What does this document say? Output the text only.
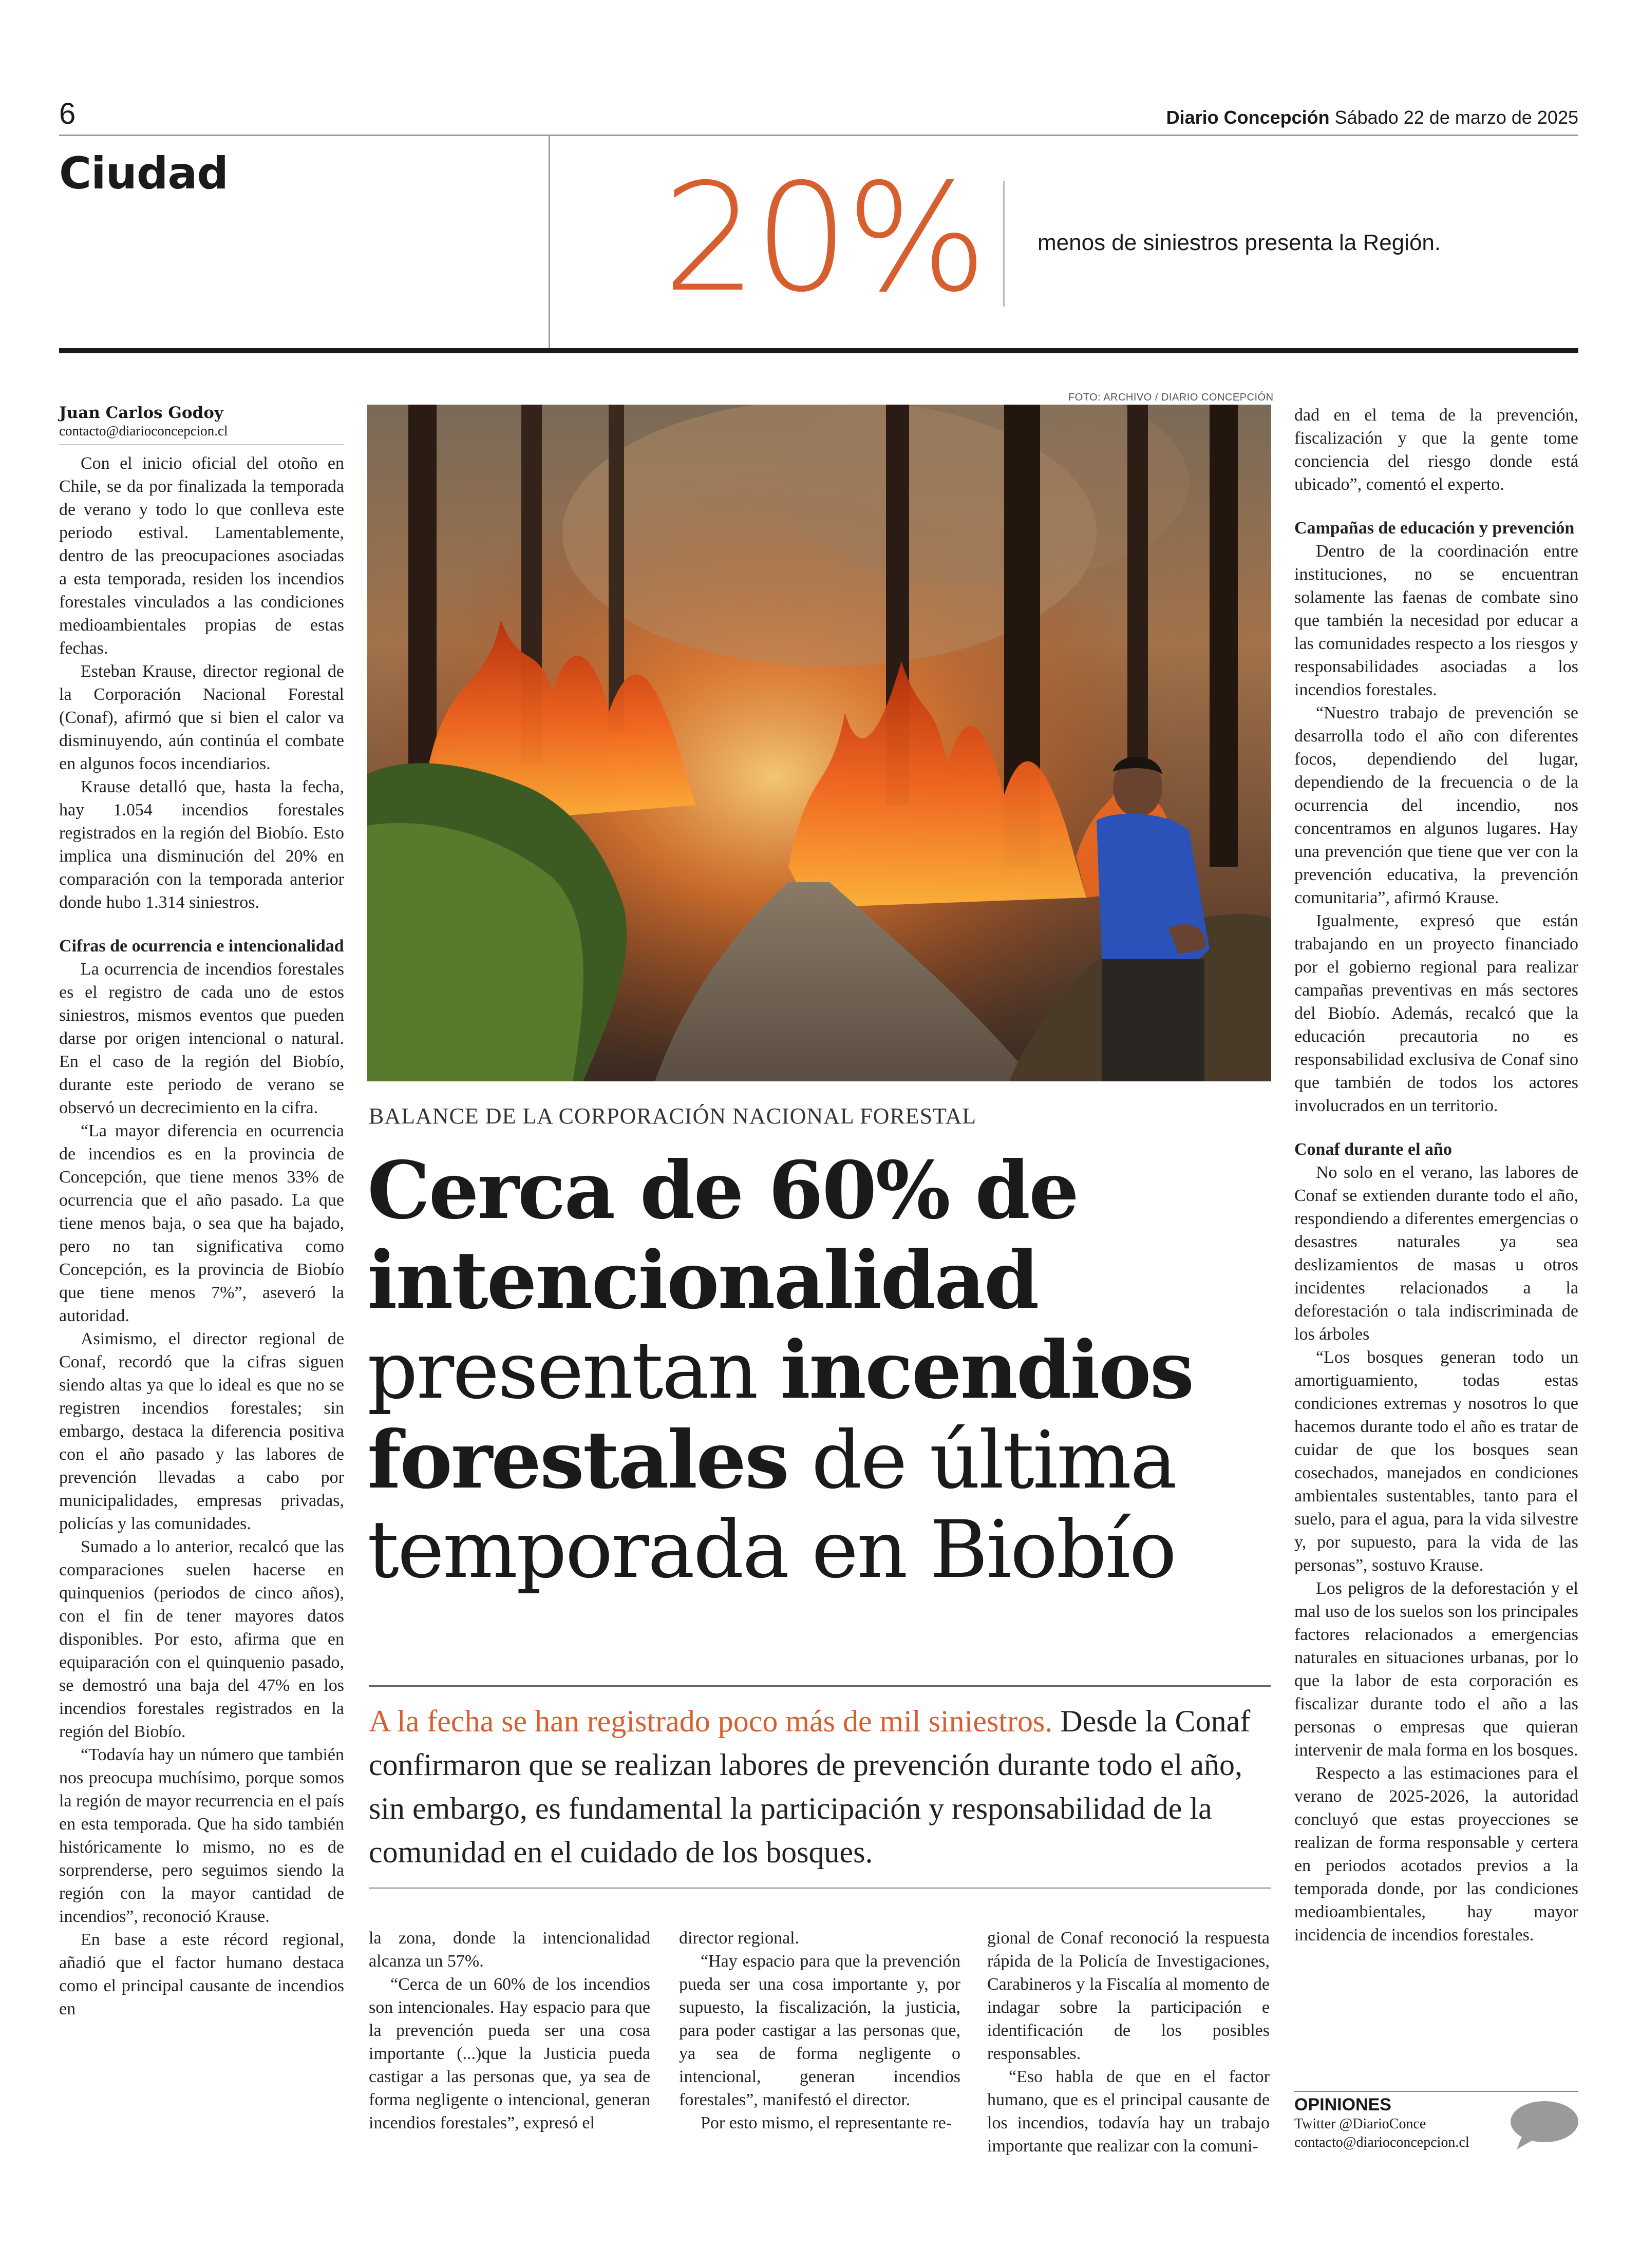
6	Diario Concepción Sábado 22 de marzo de 2025
Ciudad	20% menos de siniestros presenta la Región.
Juan Carlos Godoy
contacto@diarioconcepcion.cl

Con el inicio oficial del otoño en Chile, se da por finalizada la temporada de verano y todo lo que conlleva este periodo estival. Lamentablemente, dentro de las preocupaciones asociadas a esta temporada, residen los incendios forestales vinculados a las condiciones medioambientales propias de estas fechas.

Esteban Krause, director regional de la Corporación Nacional Forestal (Conaf), afirmó que si bien el calor va disminuyendo, aún continúa el combate en algunos focos incendiarios.

Krause detalló que, hasta la fecha, hay 1.054 incendios forestales registrados en la región del Biobío. Esto implica una disminución del 20% en comparación con la temporada anterior donde hubo 1.314 siniestros.

Cifras de ocurrencia e intencionalidad

La ocurrencia de incendios forestales es el registro de cada uno de estos siniestros, mismos eventos que pueden darse por origen intencional o natural. En el caso de la región del Biobío, durante este periodo de verano se observó un decrecimiento en la cifra.

“La mayor diferencia en ocurrencia de incendios es en la provincia de Concepción, que tiene menos 33% de ocurrencia que el año pasado. La que tiene menos baja, o sea que ha bajado, pero no tan significativa como Concepción, es la provincia de Biobío que tiene menos 7%”, aseveró la autoridad.

Asimismo, el director regional de Conaf, recordó que la cifras siguen siendo altas ya que lo ideal es que no se registren incendios forestales; sin embargo, destaca la diferencia positiva con el año pasado y las labores de prevención llevadas a cabo por municipalidades, empresas privadas, policías y las comunidades.

Sumado a lo anterior, recalcó que las comparaciones suelen hacerse en quinquenios (periodos de cinco años), con el fin de tener mayores datos disponibles. Por esto, afirma que en equiparación con el quinquenio pasado, se demostró una baja del 47% en los incendios forestales registrados en la región del Biobío.

“Todavía hay un número que también nos preocupa muchísimo, porque somos la región de mayor recurrencia en el país en esta temporada. Que ha sido también históricamente lo mismo, no es de sorprenderse, pero seguimos siendo la región con la mayor cantidad de incendios”, reconoció Krause.

En base a este récord regional, añadió que el factor humano destaca como el principal causante de incendios en

FOTO: ARCHIVO / DIARIO CONCEPCIÓN
BALANCE DE LA CORPORACIÓN NACIONAL FORESTAL
Cerca de 60% de intencionalidad presentan incendios forestales de última temporada en Biobío
A la fecha se han registrado poco más de mil siniestros. Desde la Conaf confirmaron que se realizan labores de prevención durante todo el año, sin embargo, es fundamental la participación y responsabilidad de la comunidad en el cuidado de los bosques.

la zona, donde la intencionalidad alcanza un 57%.

“Cerca de un 60% de los incendios son intencionales. Hay espacio para que la prevención pueda ser una cosa importante (...)que la Justicia pueda castigar a las personas que, ya sea de forma negligente o intencional, generan incendios forestales”, expresó el

director regional.

“Hay espacio para que la prevención pueda ser una cosa importante y, por supuesto, la fiscalización, la justicia, para poder castigar a las personas que, ya sea de forma negligente o intencional, generan incendios forestales”, manifestó el director.

Por esto mismo, el representante re-

gional de Conaf reconoció la respuesta rápida de la Policía de Investigaciones, Carabineros y la Fiscalía al momento de indagar sobre la participación e identificación de los posibles responsables.

“Eso habla de que en el factor humano, que es el principal causante de los incendios, todavía hay un trabajo importante que realizar con la comuni-

dad en el tema de la prevención, fiscalización y que la gente tome conciencia del riesgo donde está ubicado”, comentó el experto.

Campañas de educación y prevención

Dentro de la coordinación entre instituciones, no se encuentran solamente las faenas de combate sino que también la necesidad por educar a las comunidades respecto a los riesgos y responsabilidades asociadas a los incendios forestales.

“Nuestro trabajo de prevención se desarrolla todo el año con diferentes focos, dependiendo del lugar, dependiendo de la frecuencia o de la ocurrencia del incendio, nos concentramos en algunos lugares. Hay una prevención que tiene que ver con la prevención educativa, la prevención comunitaria”, afirmó Krause.

Igualmente, expresó que están trabajando en un proyecto financiado por el gobierno regional para realizar campañas preventivas en más sectores del Biobío. Además, recalcó que la educación precautoria no es responsabilidad exclusiva de Conaf sino que también de todos los actores involucrados en un territorio.

Conaf durante el año

No solo en el verano, las labores de Conaf se extienden durante todo el año, respondiendo a diferentes emergencias o desastres naturales ya sea deslizamientos de masas u otros incidentes relacionados a la deforestación o tala indiscriminada de los árboles

“Los bosques generan todo un amortiguamiento, todas estas condiciones extremas y nosotros lo que hacemos durante todo el año es tratar de cuidar de que los bosques sean cosechados, manejados en condiciones ambientales sustentables, tanto para el suelo, para el agua, para la vida silvestre y, por supuesto, para la vida de las personas”, sostuvo Krause.

Los peligros de la deforestación y el mal uso de los suelos son los principales factores relacionados a emergencias naturales en situaciones urbanas, por lo que la labor de esta corporación es fiscalizar durante todo el año a las personas o empresas que quieran intervenir de mala forma en los bosques.

Respecto a las estimaciones para el verano de 2025-2026, la autoridad concluyó que estas proyecciones se realizan de forma responsable y certera en periodos acotados previos a la temporada donde, por las condiciones medioambientales, hay mayor incidencia de incendios forestales.

OPINIONES
Twitter @DiarioConce
contacto@diarioconcepcion.cl
